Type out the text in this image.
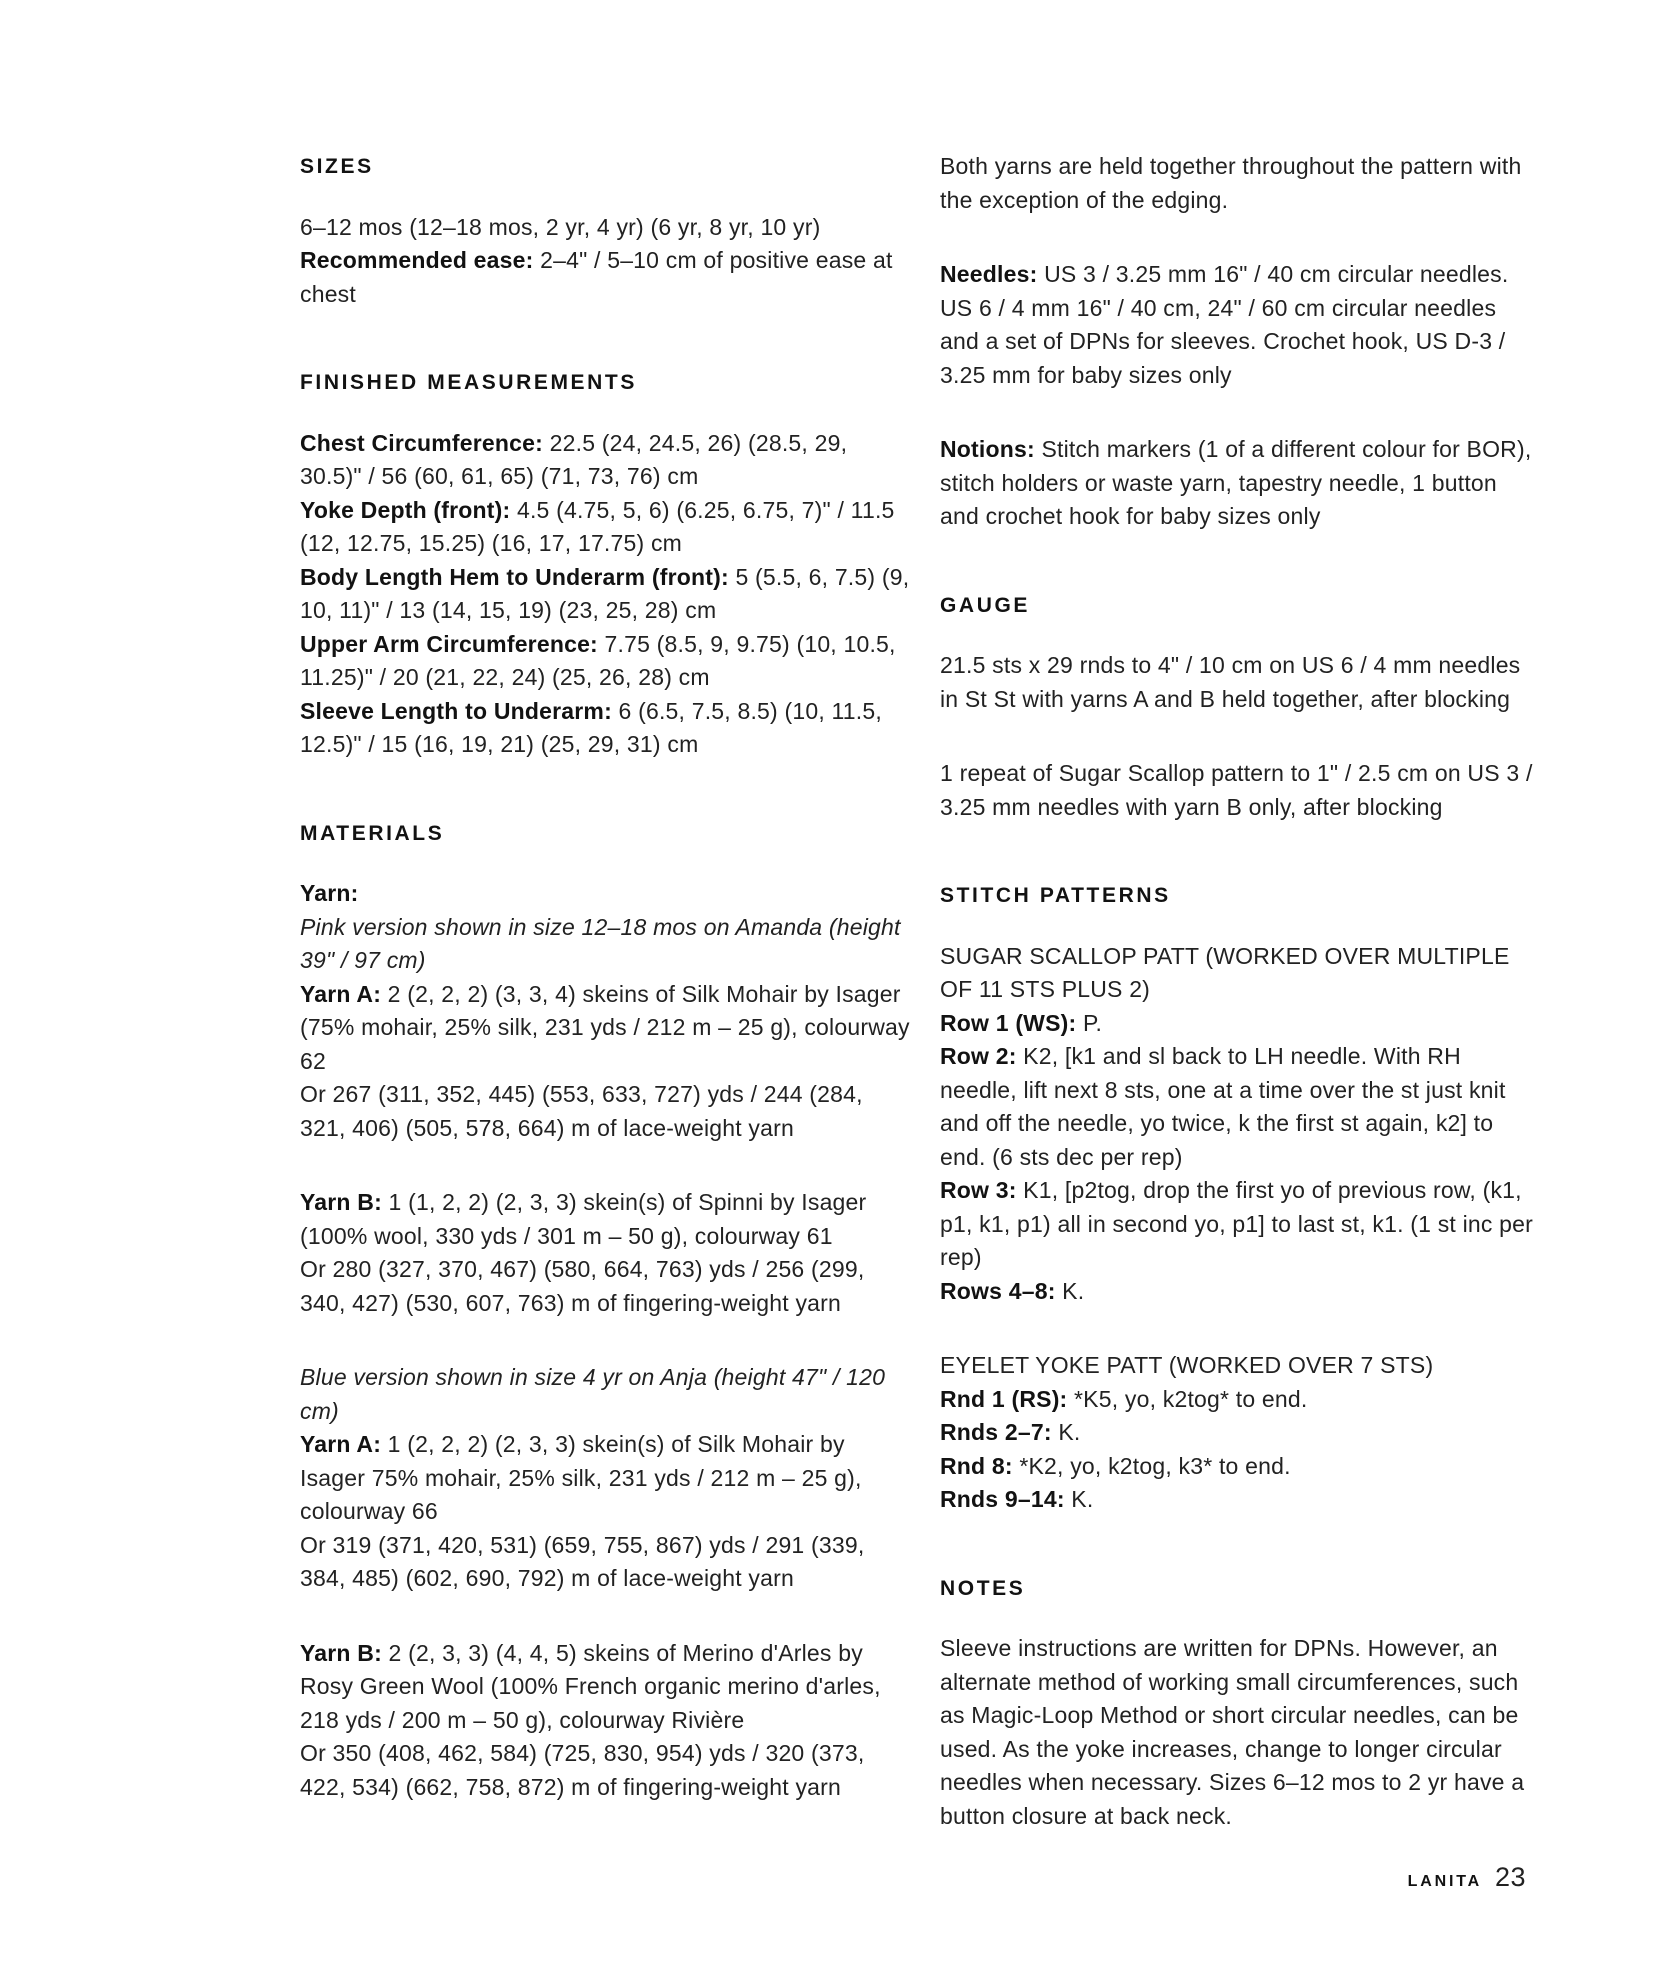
SIZES
6–12 mos (12–18 mos, 2 yr, 4 yr) (6 yr, 8 yr, 10 yr)
Recommended ease: 2–4" / 5–10 cm of positive ease at chest
FINISHED MEASUREMENTS
Chest Circumference: 22.5 (24, 24.5, 26) (28.5, 29, 30.5)" / 56 (60, 61, 65) (71, 73, 76) cm
Yoke Depth (front): 4.5 (4.75, 5, 6) (6.25, 6.75, 7)" / 11.5 (12, 12.75, 15.25) (16, 17, 17.75) cm
Body Length Hem to Underarm (front): 5 (5.5, 6, 7.5) (9, 10, 11)" / 13 (14, 15, 19) (23, 25, 28) cm
Upper Arm Circumference: 7.75 (8.5, 9, 9.75) (10, 10.5, 11.25)" / 20 (21, 22, 24) (25, 26, 28) cm
Sleeve Length to Underarm: 6 (6.5, 7.5, 8.5) (10, 11.5, 12.5)" / 15 (16, 19, 21) (25, 29, 31) cm
MATERIALS
Yarn:
Pink version shown in size 12–18 mos on Amanda (height 39" / 97 cm)
Yarn A: 2 (2, 2, 2) (3, 3, 4) skeins of Silk Mohair by Isager (75% mohair, 25% silk, 231 yds / 212 m – 25 g), colourway 62
Or 267 (311, 352, 445) (553, 633, 727) yds / 244 (284, 321, 406) (505, 578, 664) m of lace-weight yarn
Yarn B: 1 (1, 2, 2) (2, 3, 3) skein(s) of Spinni by Isager (100% wool, 330 yds / 301 m – 50 g), colourway 61
Or 280 (327, 370, 467) (580, 664, 763) yds / 256 (299, 340, 427) (530, 607, 763) m of fingering-weight yarn
Blue version shown in size 4 yr on Anja (height 47" / 120 cm)
Yarn A: 1 (2, 2, 2) (2, 3, 3) skein(s) of Silk Mohair by Isager 75% mohair, 25% silk, 231 yds / 212 m – 25 g), colourway 66
Or 319 (371, 420, 531) (659, 755, 867) yds / 291 (339, 384, 485) (602, 690, 792) m of lace-weight yarn
Yarn B: 2 (2, 3, 3) (4, 4, 5) skeins of Merino d'Arles by Rosy Green Wool (100% French organic merino d'arles, 218 yds / 200 m – 50 g), colourway Rivière
Or 350 (408, 462, 584) (725, 830, 954) yds / 320 (373, 422, 534) (662, 758, 872) m of fingering-weight yarn
Both yarns are held together throughout the pattern with the exception of the edging.
Needles: US 3 / 3.25 mm 16" / 40 cm circular needles. US 6 / 4 mm 16" / 40 cm, 24" / 60 cm circular needles and a set of DPNs for sleeves. Crochet hook, US D-3 / 3.25 mm for baby sizes only
Notions: Stitch markers (1 of a different colour for BOR), stitch holders or waste yarn, tapestry needle, 1 button and crochet hook for baby sizes only
GAUGE
21.5 sts x 29 rnds to 4" / 10 cm on US 6 / 4 mm needles in St St with yarns A and B held together, after blocking
1 repeat of Sugar Scallop pattern to 1" / 2.5 cm on US 3 / 3.25 mm needles with yarn B only, after blocking
STITCH PATTERNS
SUGAR SCALLOP PATT (WORKED OVER MULTIPLE OF 11 STS PLUS 2)
Row 1 (WS): P.
Row 2: K2, [k1 and sl back to LH needle. With RH needle, lift next 8 sts, one at a time over the st just knit and off the needle, yo twice, k the first st again, k2] to end. (6 sts dec per rep)
Row 3: K1, [p2tog, drop the first yo of previous row, (k1, p1, k1, p1) all in second yo, p1] to last st, k1. (1 st inc per rep)
Rows 4–8: K.
EYELET YOKE PATT (WORKED OVER 7 STS)
Rnd 1 (RS): *K5, yo, k2tog* to end.
Rnds 2–7: K.
Rnd 8: *K2, yo, k2tog, k3* to end.
Rnds 9–14: K.
NOTES
Sleeve instructions are written for DPNs. However, an alternate method of working small circumferences, such as Magic-Loop Method or short circular needles, can be used. As the yoke increases, change to longer circular needles when necessary. Sizes 6–12 mos to 2 yr have a button closure at back neck.
LANITA 23
